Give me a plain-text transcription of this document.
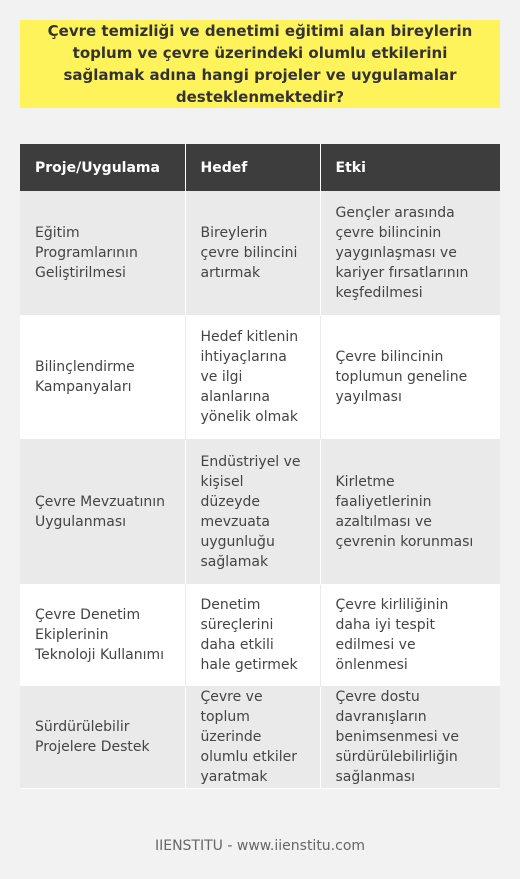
Çevre temizliği ve denetimi eğitimi alan bireylerin toplum ve çevre üzerindeki olumlu etkilerini sağlamak adına hangi projeler ve uygulamalar desteklenmektedir?
Proje/Uygulama	Hedef	Etki
Eğitim Programlarının Geliştirilmesi	Bireylerin çevre bilincini artırmak	Gençler arasında çevre bilincinin yaygınlaşması ve kariyer fırsatlarının keşfedilmesi
Bilinçlendirme Kampanyaları	Hedef kitlenin ihtiyaçlarına ve ilgi alanlarına yönelik olmak	Çevre bilincinin toplumun geneline yayılması
Çevre Mevzuatının Uygulanması	Endüstriyel ve kişisel düzeyde mevzuata uygunluğu sağlamak	Kirletme faaliyetlerinin azaltılması ve çevrenin korunması
Çevre Denetim Ekiplerinin Teknoloji Kullanımı	Denetim süreçlerini daha etkili hale getirmek	Çevre kirliliğinin daha iyi tespit edilmesi ve önlenmesi
Sürdürülebilir Projelere Destek	Çevre ve toplum üzerinde olumlu etkiler yaratmak	Çevre dostu davranışların benimsenmesi ve sürdürülebilirliğin sağlanması
IIENSTITU - www.iienstitu.com
